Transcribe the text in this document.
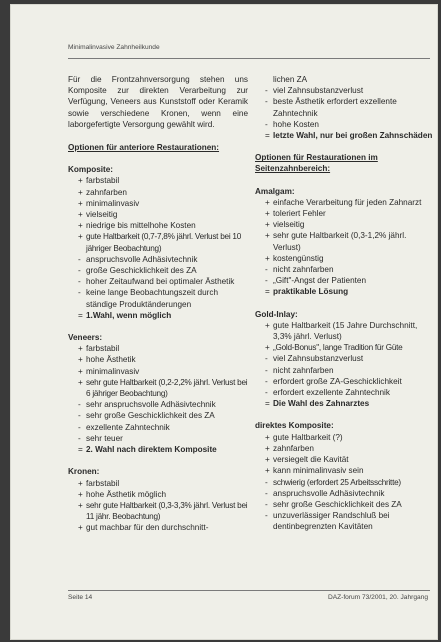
Minimalinvasive Zahnheilkunde

Für die Frontzahnversorgung stehen uns Komposite zur direkten Verarbeitung zur Verfügung, Veneers aus Kunststoff oder Keramik sowie verschiedene Kronen, wenn eine laborgefertigte Versorgung gewählt wird.

Optionen für anteriore Restaurationen:

Komposite:
+ farbstabil
+ zahnfarben
+ minimalinvasiv
+ vielseitig
+ niedrige bis mittelhohe Kosten
+ gute Haltbarkeit (0,7-7,8% jährl. Verlust bei 10 jähriger Beobachtung)
- anspruchsvolle Adhäsivtechnik
- große Geschicklichkeit des ZA
- hoher Zeitaufwand bei optimaler Ästhetik
- keine lange Beobachtungszeit durch ständige Produktänderungen
= 1.Wahl, wenn möglich
Veneers:
+ farbstabil
+ hohe Ästhetik
+ minimalinvasiv
+ sehr gute Haltbarkeit (0,2-2,2% jährl. Verlust bei 6 jähriger Beobachtung)
- sehr anspruchsvolle Adhäsivtechnik
- sehr große Geschicklichkeit des ZA
- exzellente Zahntechnik
- sehr teuer
= 2. Wahl nach direktem Komposite
Kronen:
+ farbstabil
+ hohe Ästhetik möglich
+ sehr gute Haltbarkeit (0,3-3,3% jährl. Verlust bei 11 jähr. Beobachtung)
+ gut machbar für den durchschnitt-
lichen ZA
- viel Zahnsubstanzverlust
- beste Ästhetik erfordert exzellente Zahntechnik
- hohe Kosten
= letzte Wahl, nur bei großen Zahnschäden

Optionen für Restaurationen im Seitenzahnbereich:

Amalgam:
+ einfache Verarbeitung für jeden Zahnarzt
+ toleriert Fehler
+ vielseitig
+ sehr gute Haltbarkeit (0,3-1,2% jährl. Verlust)
+ kostengünstig
- nicht zahnfarben
- „Gift"-Angst der Patienten
= praktikable Lösung
Gold-Inlay:
+ gute Haltbarkeit (15 Jahre Durchschnitt, 3,3% jährl. Verlust)
+ „Gold-Bonus", lange Tradition für Güte
- viel Zahnsubstanzverlust
- nicht zahnfarben
- erfordert große ZA-Geschicklichkeit
- erfordert exzellente Zahntechnik
= Die Wahl des Zahnarztes
direktes Komposite:
+ gute Haltbarkeit (?)
+ zahnfarben
+ versiegelt die Kavität
+ kann minimalinvasiv sein
- schwierig (erfordert 25 Arbeitsschritte)
- anspruchsvolle Adhäsivtechnik
- sehr große Geschicklichkeit des ZA
- unzuverlässiger Randschluß bei dentinbegrenzten Kavitäten
Seite 14	DAZ-forum 73/2001, 20. Jahrgang
